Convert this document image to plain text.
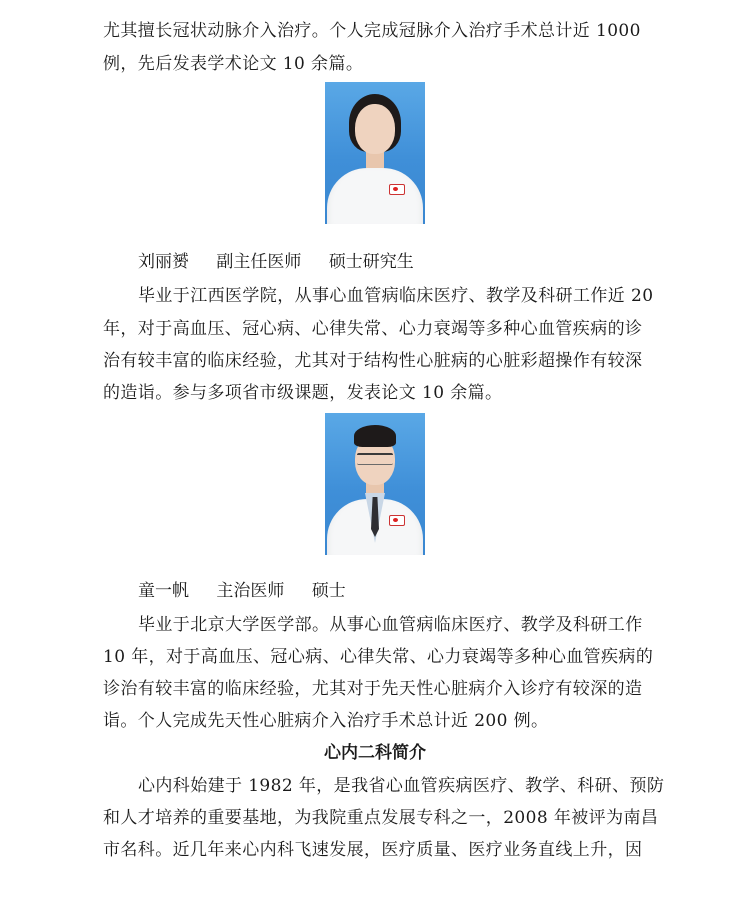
尤其擅长冠状动脉介入治疗。个人完成冠脉介入治疗手术总计近 1000
例，先后发表学术论文 10 余篇。
刘丽赟 副主任医师 硕士研究生
毕业于江西医学院，从事心血管病临床医疗、教学及科研工作近 20
年，对于高血压、冠心病、心律失常、心力衰竭等多种心血管疾病的诊
治有较丰富的临床经验，尤其对于结构性心脏病的心脏彩超操作有较深
的造诣。参与多项省市级课题，发表论文 10 余篇。
童一帆 主治医师 硕士
毕业于北京大学医学部。从事心血管病临床医疗、教学及科研工作
10 年，对于高血压、冠心病、心律失常、心力衰竭等多种心血管疾病的
诊治有较丰富的临床经验，尤其对于先天性心脏病介入诊疗有较深的造
诣。个人完成先天性心脏病介入治疗手术总计近 200 例。
心内二科简介
心内科始建于 1982 年，是我省心血管疾病医疗、教学、科研、预防
和人才培养的重要基地，为我院重点发展专科之一，2008 年被评为南昌
市名科。近几年来心内科飞速发展，医疗质量、医疗业务直线上升，因
